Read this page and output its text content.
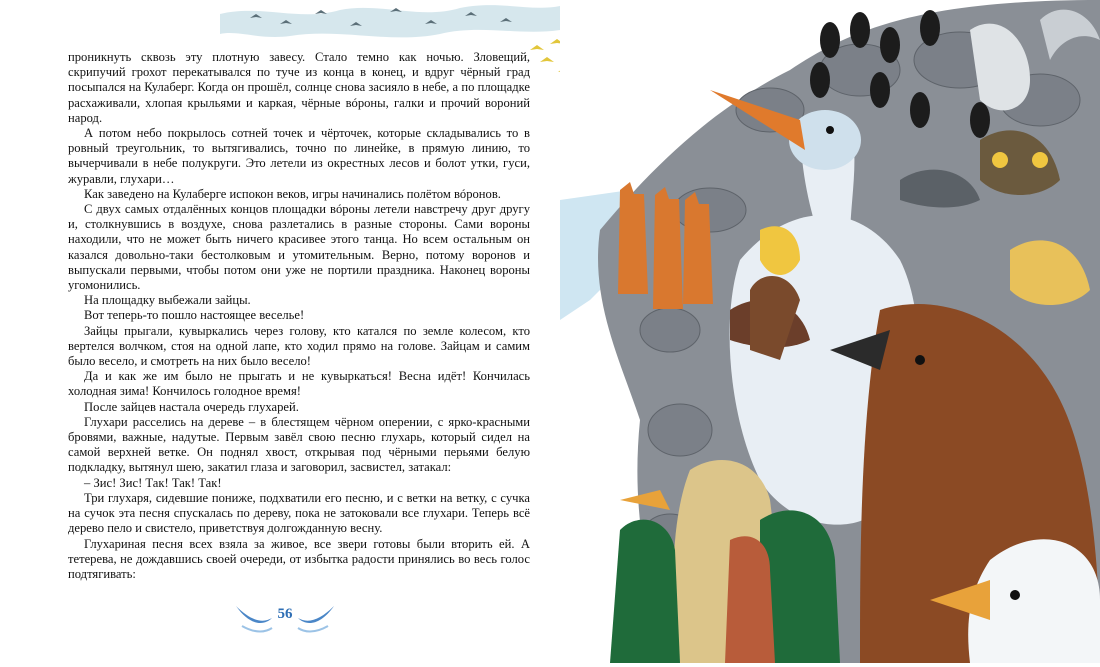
проникнуть сквозь эту плотную завесу. Стало темно как ночью. Зловещий, скрипучий грохот перекатывался по туче из конца в конец, и вдруг чёрный град посыпался на Кулаберг. Когда он прошёл, солнце снова засияло в небе, а по площадке расхаживали, хлопая крыльями и каркая, чёрные вóроны, галки и прочий вороний народ.

А потом небо покрылось сотней точек и чёрточек, которые складывались то в ровный треугольник, то вытягивались, точно по линейке, в прямую линию, то вычерчивали в небе полукруги. Это летели из окрестных лесов и болот утки, гуси, журавли, глухари…

Как заведено на Кулаберге испокон веков, игры начинались полётом вóронов.

С двух самых отдалённых концов площадки вóроны летели навстречу друг другу и, столкнувшись в воздухе, снова разлетались в разные стороны. Сами вороны находили, что не может быть ничего красивее этого танца. Но всем остальным он казался довольно-таки бестолковым и утомительным. Верно, потому воронов и выпускали первыми, чтобы потом они уже не портили праздника. Наконец вороны угомонились.

На площадку выбежали зайцы.

Вот теперь-то пошло настоящее веселье!

Зайцы прыгали, кувыркались через голову, кто катался по земле колесом, кто вертелся волчком, стоя на одной лапе, кто ходил прямо на голове. Зайцам и самим было весело, и смотреть на них было весело!

Да и как же им было не прыгать и не кувыркаться! Весна идёт! Кончилась холодная зима! Кончилось голодное время!

После зайцев настала очередь глухарей.

Глухари расселись на дереве – в блестящем чёрном оперении, с ярко-красными бровями, важные, надутые. Первым завёл свою песню глухарь, который сидел на самой верхней ветке. Он поднял хвост, открывая под чёрными перьями белую подкладку, вытянул шею, закатил глаза и заговорил, засвистел, затакал:

– Зис! Зис! Так! Так! Так!

Три глухаря, сидевшие пониже, подхватили его песню, и с ветки на ветку, с сучка на сучок эта песня спускалась по дереву, пока не затоковали все глухари. Теперь всё дерево пело и свистело, приветствуя долгожданную весну.

Глухариная песня всех взяла за живое, все звери готовы были вторить ей. А тетерева, не дождавшись своей очереди, от избытка радости принялись во весь голос подтягивать:

56
